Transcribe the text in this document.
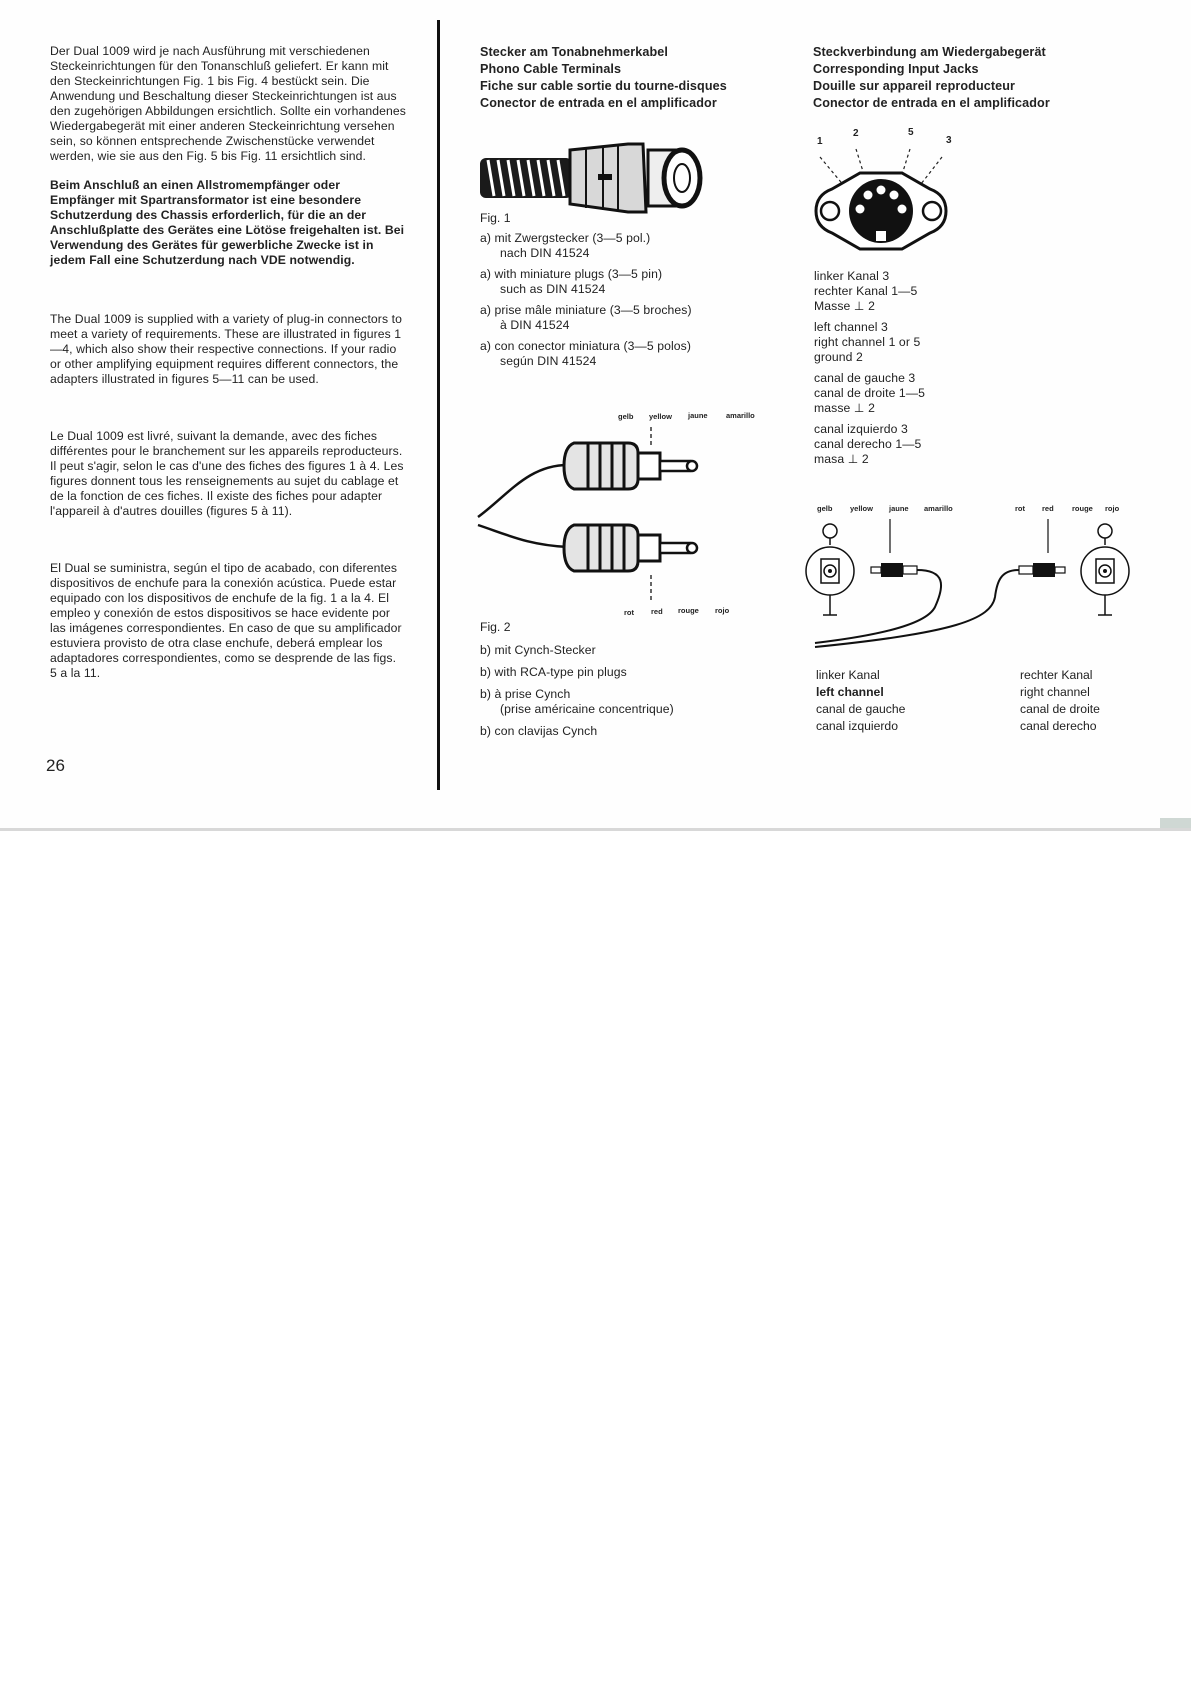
Der Dual 1009 wird je nach Ausführung mit verschiedenen Steckeinrichtungen für den Tonanschluß geliefert. Er kann mit den Steckeinrichtungen Fig. 1 bis Fig. 4 bestückt sein. Die Anwendung und Beschaltung dieser Steckeinrichtungen ist aus den zugehörigen Abbildungen ersichtlich. Sollte ein vorhandenes Wiedergabegerät mit einer anderen Steckeinrichtung versehen sein, so können entsprechende Zwischenstücke verwendet werden, wie sie aus den Fig. 5 bis Fig. 11 ersichtlich sind.

Beim Anschluß an einen Allstromempfänger oder Empfänger mit Spartransformator ist eine besondere Schutzerdung des Chassis erforderlich, für die an der Anschlußplatte des Gerätes eine Lötöse freigehalten ist. Bei Verwendung des Gerätes für gewerbliche Zwecke ist in jedem Fall eine Schutzerdung nach VDE notwendig.

The Dual 1009 is supplied with a variety of plug-in connectors to meet a variety of requirements. These are illustrated in figures 1—4, which also show their respective connections. If your radio or other amplifying equipment requires different connectors, the adapters illustrated in figures 5—11 can be used.

Le Dual 1009 est livré, suivant la demande, avec des fiches différentes pour le branchement sur les appareils reproducteurs. Il peut s'agir, selon le cas d'une des fiches des figures 1 à 4. Les figures donnent tous les renseignements au sujet du cablage et de la fonction de ces fiches. Il existe des fiches pour adapter l'appareil à d'autres douilles (figures 5 à 11).

El Dual se suministra, según el tipo de acabado, con diferentes dispositivos de enchufe para la conexión acústica. Puede estar equipado con los dispositivos de enchufe de la fig. 1 a la 4. El empleo y conexión de estos dispositivos se hace evidente por las imágenes correspondientes. En caso de que su amplificador estuviera provisto de otra clase enchufe, deberá emplear los adaptadores correspondientes, como se desprende de las figs. 5 a la 11.

26
Stecker am Tonabnehmerkabel
Phono Cable Terminals
Fiche sur cable sortie du tourne-disques
Conector de entrada en el amplificador
Fig. 1

a) mit Zwergstecker (3—5 pol.)
nach DIN 41524

a) with miniature plugs (3—5 pin)
such as DIN 41524

a) prise mâle miniature (3—5 broches)
à DIN 41524

a) con conector miniatura (3—5 polos)
según DIN 41524

gelb yellow jaune amarillo
rot red rouge rojo
Fig. 2

b) mit Cynch-Stecker

b) with RCA-type pin plugs

b) à prise Cynch
(prise américaine concentrique)

b) con clavijas Cynch

Steckverbindung am Wiedergabegerät
Corresponding Input Jacks
Douille sur appareil reproducteur
Conector de entrada en el amplificador
1
2	5
3
linker Kanal 3
rechter Kanal 1—5
Masse ⊥ 2
left channel 3
right channel 1 or 5
ground 2
canal de gauche 3
canal de droite 1—5
masse ⊥ 2
canal izquierdo 3
canal derecho 1—5
masa ⊥ 2
gelb yellow jaune amarillo	rot red rouge rojo
linker Kanal
left channel
canal de gauche
canal izquierdo
rechter Kanal
right channel
canal de droite
canal derecho
